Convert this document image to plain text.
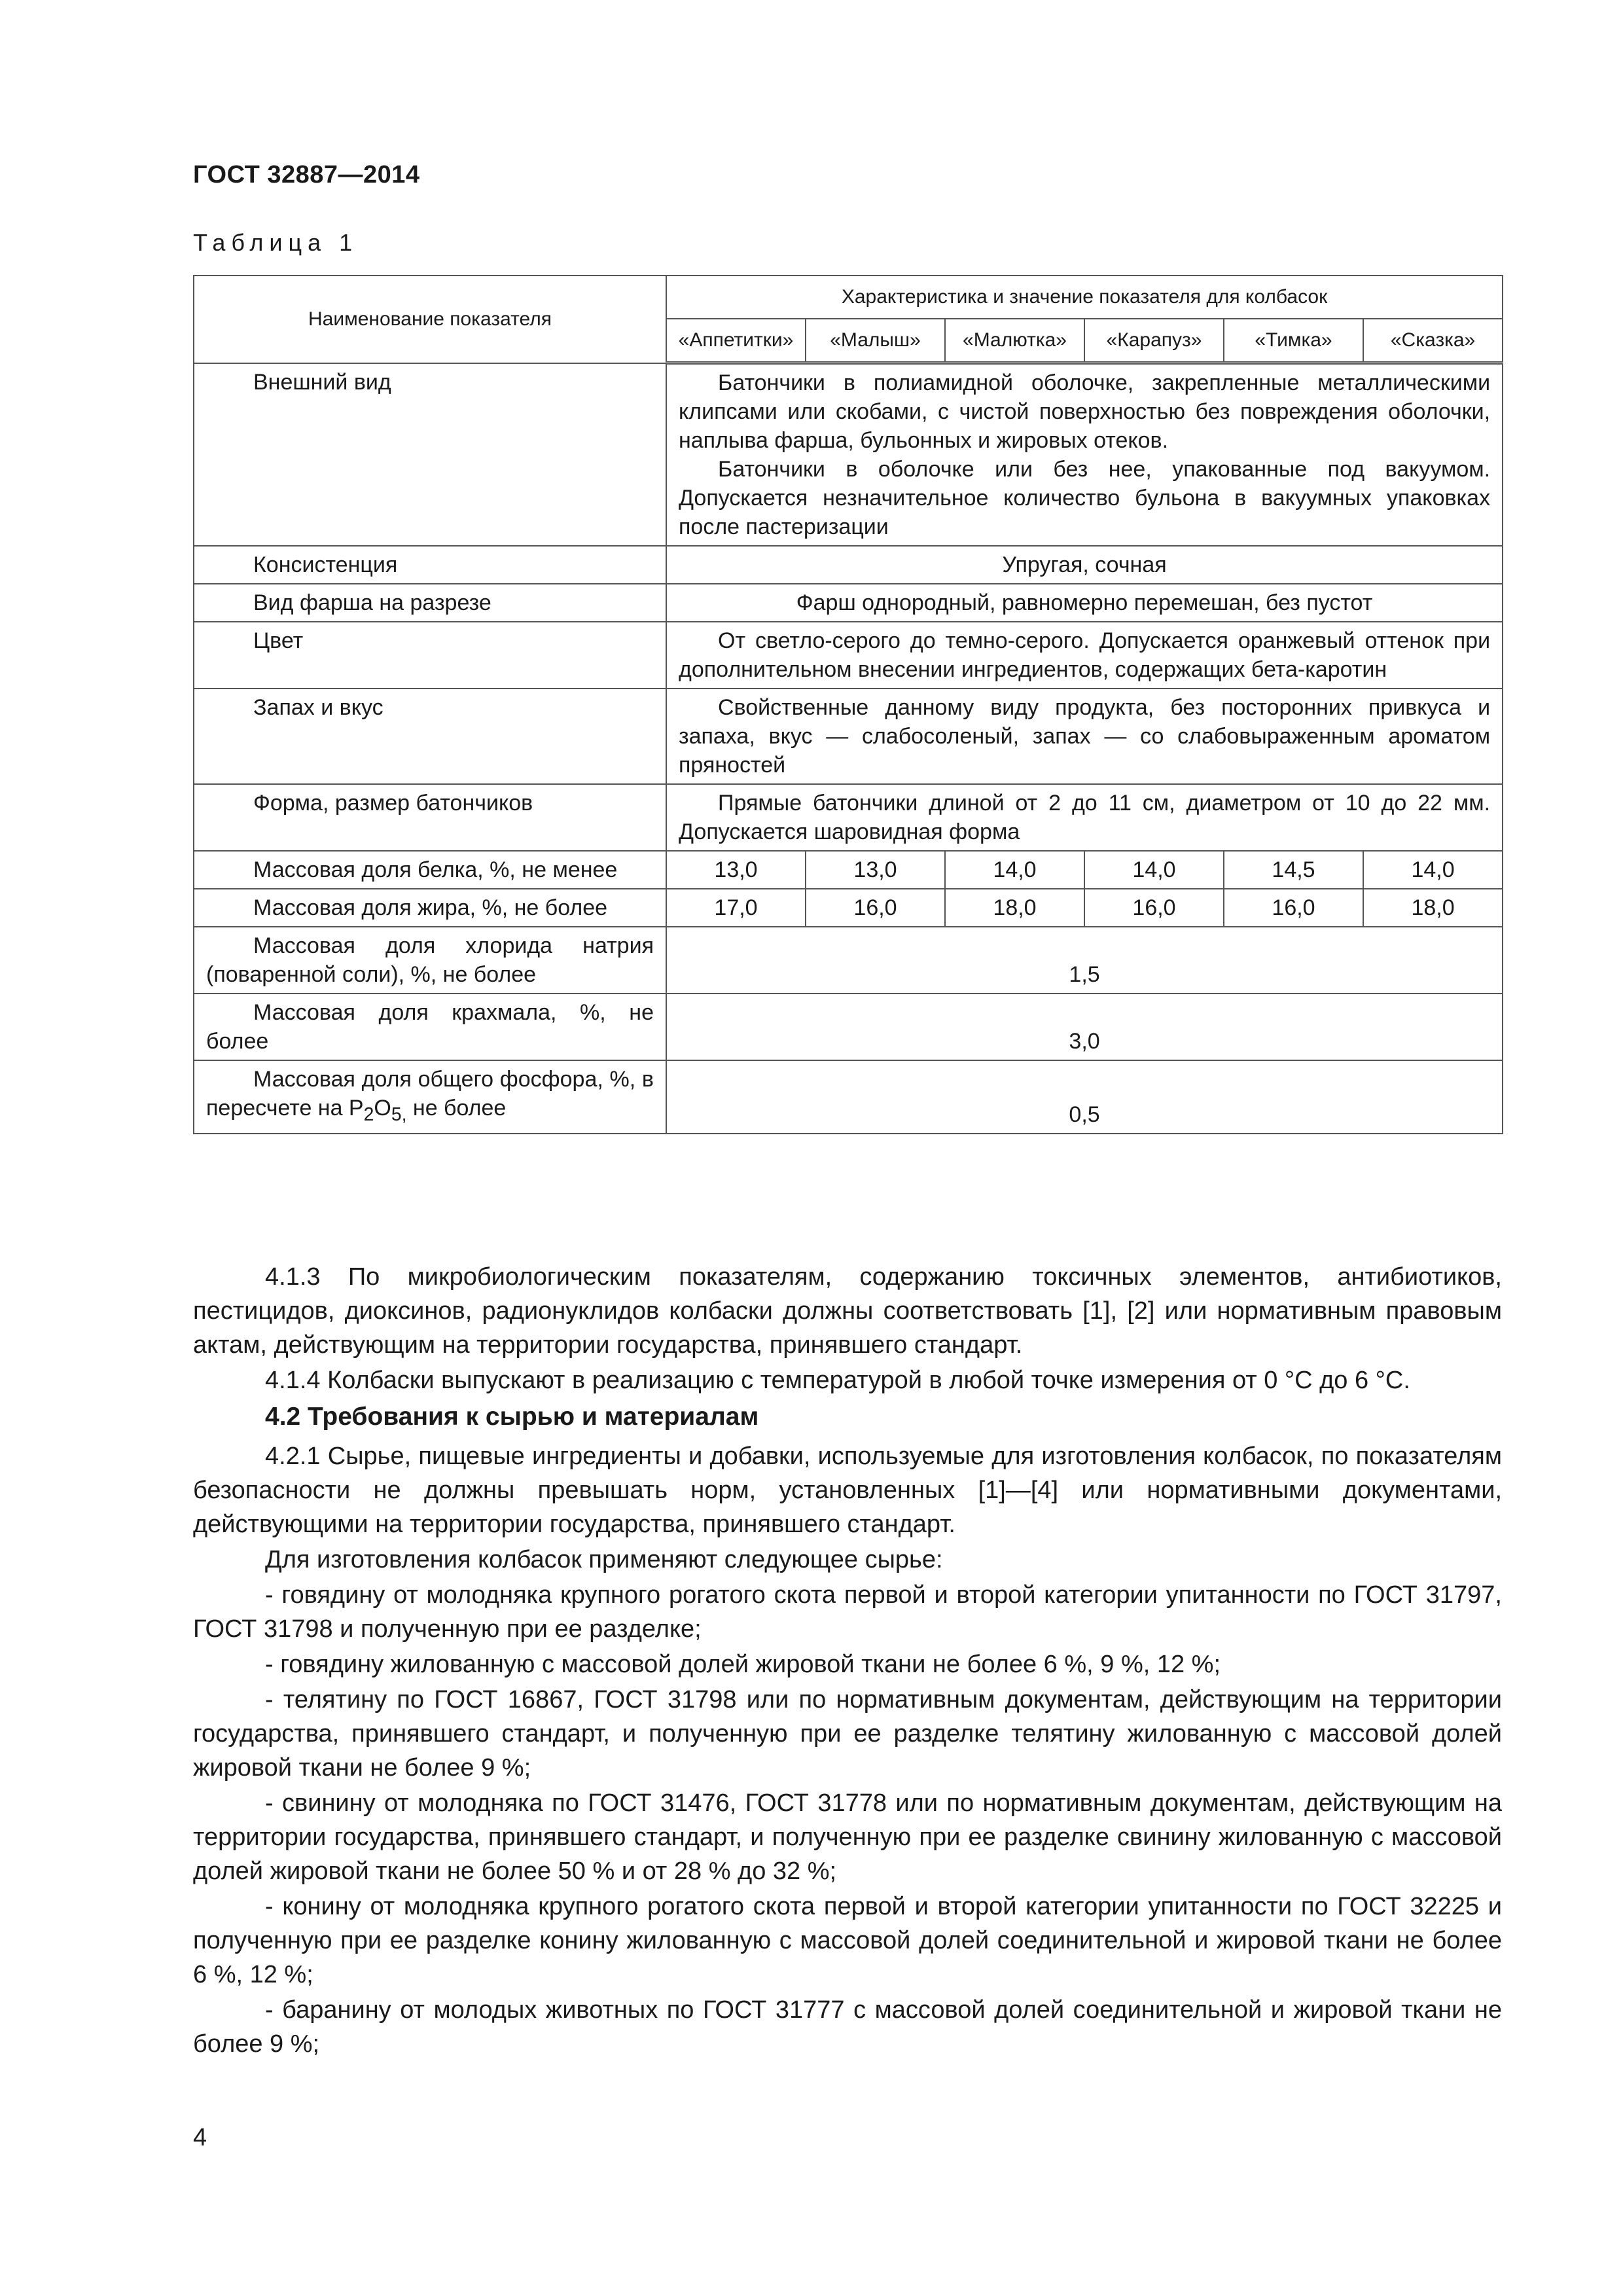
ГОСТ 32887—2014
Таблица 1
Наименование показателя	Характеристика и значение показателя для колбасок					
	«Аппетитки»	«Малыш»	«Малютка»	«Карапуз»	«Тимка»	«Сказка»
Внешний вид	Батончики в полиамидной оболочке, закрепленные металлическими клипсами или скобами, с чистой поверхностью без повреждения оболочки, наплыва фарша, бульонных и жировых отеков.

Батончики в оболочке или без нее, упакованные под вакуумом. Допускается незначительное количество бульона в вакуумных упаковках после пастеризации					

Консистенция	Упругая, сочная					
Вид фарша на разрезе	Фарш однородный, равномерно перемешан, без пустот					
Цвет	От светло-серого до темно-серого. Допускается оранжевый оттенок при дополнительном внесении ингредиентов, содержащих бета-каротин					

Запах и вкус	Свойственные данному виду продукта, без посторонних привкуса и запаха, вкус — слабосоленый, запах — со слабовыраженным ароматом пряностей					

Форма, размер батончиков	Прямые батончики длиной от 2 до 11 см, диаметром от 10 до 22 мм. Допускается шаровидная форма					

Массовая доля белка, %, не менее	13,0	13,0	14,0	14,0	14,5	14,0
Массовая доля жира, %, не более	17,0	16,0	18,0	16,0	16,0	18,0
Массовая доля хлорида натрия (поваренной соли), %, не более	1,5					
Массовая доля крахмала, %, не более	3,0					
Массовая доля общего фосфора, %, в пересчете на $P_2O_{5,}$ не более	0,5					

4.1.3 По микробиологическим показателям, содержанию токсичных элементов, антибиотиков, пестицидов, диоксинов, радионуклидов колбаски должны соответствовать [1], [2] или нормативным правовым актам, действующим на территории государства, принявшего стандарт.

4.1.4 Колбаски выпускают в реализацию с температурой в любой точке измерения от 0 °С до 6 °С.

4.2 Требования к сырью и материалам

4.2.1 Сырье, пищевые ингредиенты и добавки, используемые для изготовления колбасок, по показателям безопасности не должны превышать норм, установленных [1]—[4] или нормативными документами, действующими на территории государства, принявшего стандарт.

Для изготовления колбасок применяют следующее сырье:

- говядину от молодняка крупного рогатого скота первой и второй категории упитанности по ГОСТ 31797, ГОСТ 31798 и полученную при ее разделке;

- говядину жилованную с массовой долей жировой ткани не более 6 %, 9 %, 12 %;

- телятину по ГОСТ 16867, ГОСТ 31798 или по нормативным документам, действующим на территории государства, принявшего стандарт, и полученную при ее разделке телятину жилованную с массовой долей жировой ткани не более 9 %;

- свинину от молодняка по ГОСТ 31476, ГОСТ 31778 или по нормативным документам, действующим на территории государства, принявшего стандарт, и полученную при ее разделке свинину жилованную с массовой долей жировой ткани не более 50 % и от 28 % до 32 %;

- конину от молодняка крупного рогатого скота первой и второй категории упитанности по ГОСТ 32225 и полученную при ее разделке конину жилованную с массовой долей соединительной и жировой ткани не более 6 %, 12 %;

- баранину от молодых животных по ГОСТ 31777 с массовой долей соединительной и жировой ткани не более 9 %;

4
